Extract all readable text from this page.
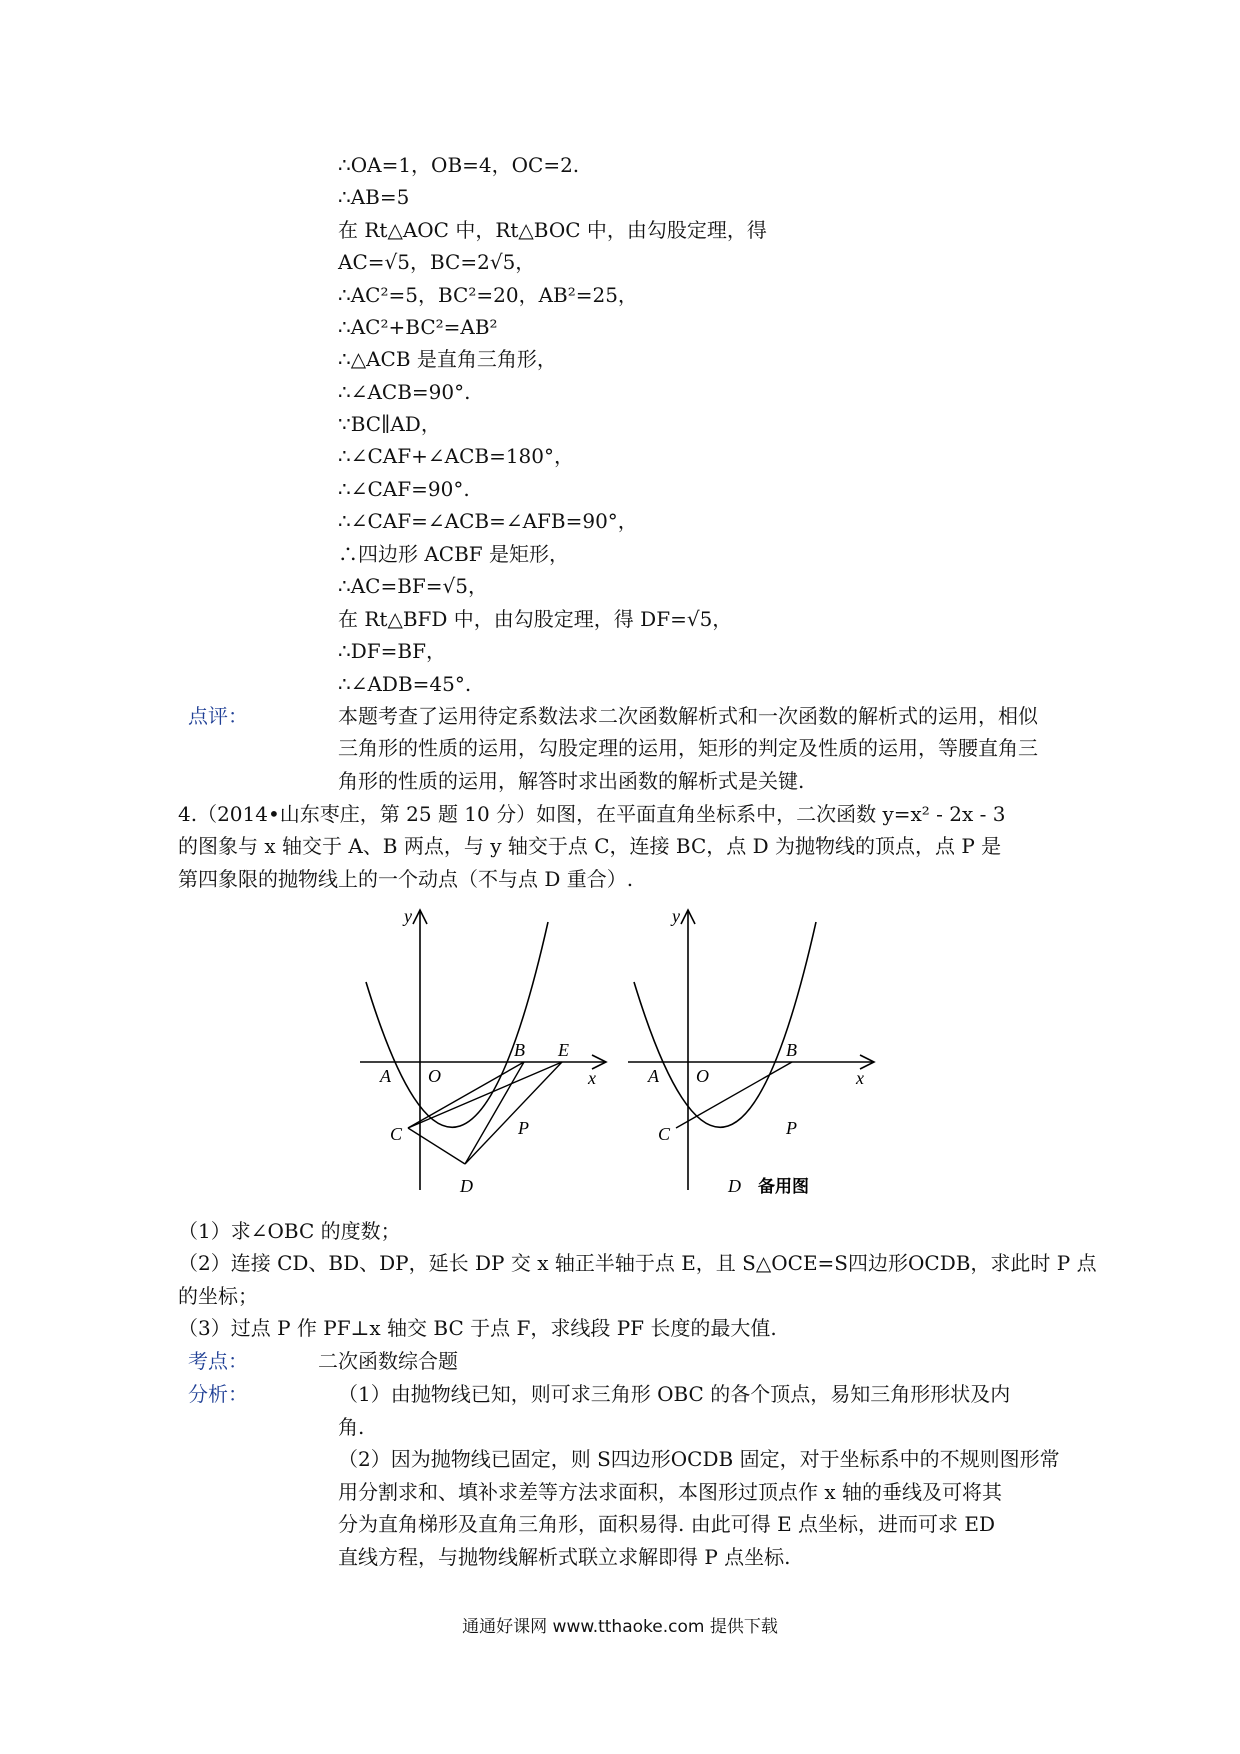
∴OA=1，OB=4，OC=2.
∴AB=5
在 Rt△AOC 中，Rt△BOC 中，由勾股定理，得
AC=√5，BC=2√5，
∴AC²=5，BC²=20，AB²=25，
∴AC²+BC²=AB²
∴△ACB 是直角三角形，
∴∠ACB=90°.
∵BC∥AD，
∴∠CAF+∠ACB=180°，
∴∠CAF=90°.
∴∠CAF=∠ACB=∠AFB=90°，
∴四边形 ACBF 是矩形，
∴AC=BF=√5，
在 Rt△BFD 中，由勾股定理，得 DF=√5，
∴DF=BF，
∴∠ADB=45°.
点评：	本题考查了运用待定系数法求二次函数解析式和一次函数的解析式的运用，相似
三角形的性质的运用，勾股定理的运用，矩形的判定及性质的运用，等腰直角三
角形的性质的运用，解答时求出函数的解析式是关键.
4.（2014•山东枣庄，第 25 题 10 分）如图，在平面直角坐标系中，二次函数 y=x² - 2x - 3
的图象与 x 轴交于 A、B 两点，与 y 轴交于点 C，连接 BC，点 D 为抛物线的顶点，点 P 是
第四象限的抛物线上的一个动点（不与点 D 重合）.
y
x
O
A
B
C
D
E
P
y
x
O
A
B
C
D
P
备用图
（1）求∠OBC 的度数；
（2）连接 CD、BD、DP，延长 DP 交 x 轴正半轴于点 E，且 S△OCE=S四边形OCDB，求此时 P 点
的坐标；
（3）过点 P 作 PF⊥x 轴交 BC 于点 F，求线段 PF 长度的最大值.
考点：	二次函数综合题
分析：	（1）由抛物线已知，则可求三角形 OBC 的各个顶点，易知三角形形状及内
角.
（2）因为抛物线已固定，则 S四边形OCDB 固定，对于坐标系中的不规则图形常
用分割求和、填补求差等方法求面积，本图形过顶点作 x 轴的垂线及可将其
分为直角梯形及直角三角形，面积易得. 由此可得 E 点坐标，进而可求 ED
直线方程，与抛物线解析式联立求解即得 P 点坐标.
通通好课网 www.tthaoke.com 提供下载
